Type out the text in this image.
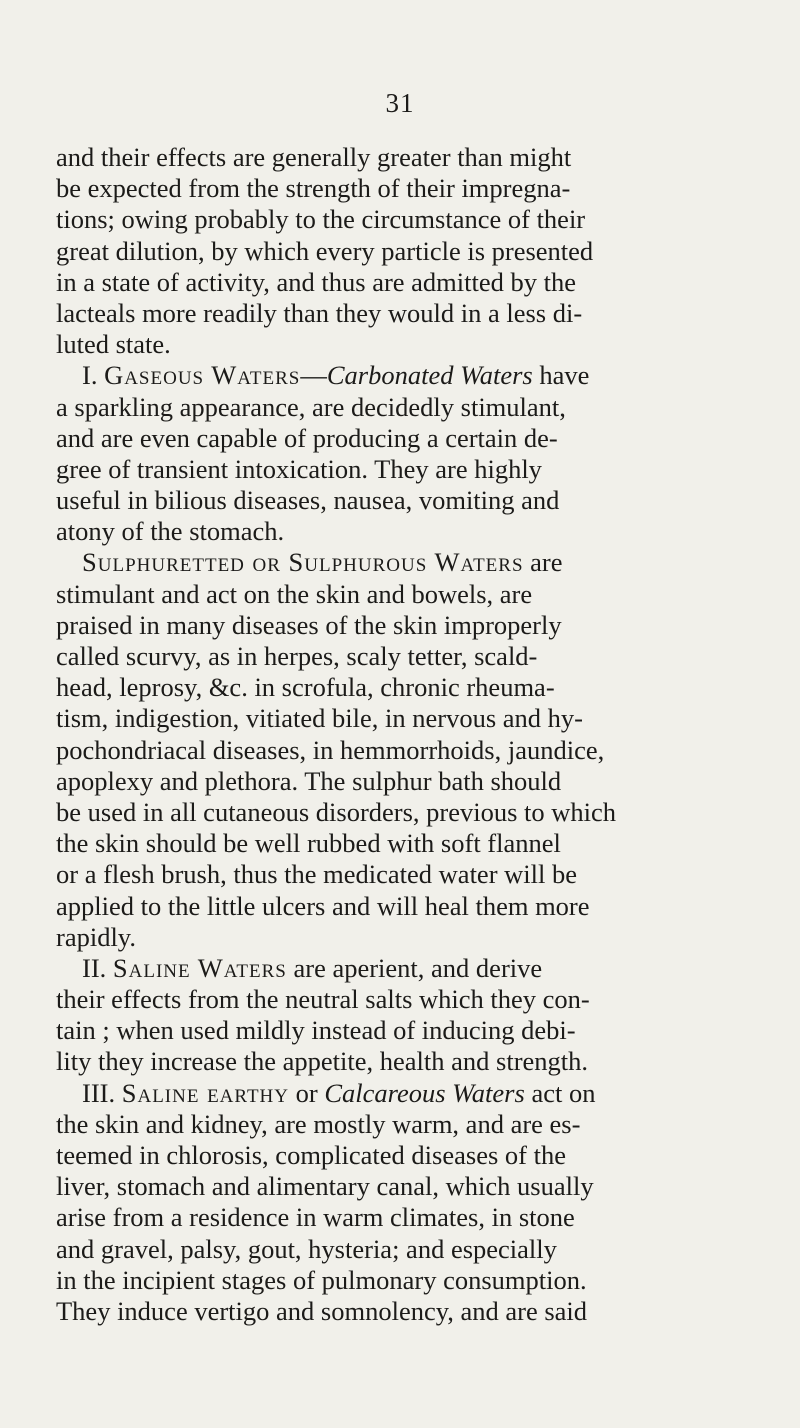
31
and their effects are generally greater than might
be expected from the strength of their impregna-
tions; owing probably to the circumstance of their
great dilution, by which every particle is presented
in a state of activity, and thus are admitted by the
lacteals more readily than they would in a less di-
luted state.
I. Gaseous Waters—Carbonated Waters have
a sparkling appearance, are decidedly stimulant,
and are even capable of producing a certain de-
gree of transient intoxication. They are highly
useful in bilious diseases, nausea, vomiting and
atony of the stomach.
Sulphuretted or Sulphurous Waters are
stimulant and act on the skin and bowels, are
praised in many diseases of the skin improperly
called scurvy, as in herpes, scaly tetter, scald-
head, leprosy, &c. in scrofula, chronic rheuma-
tism, indigestion, vitiated bile, in nervous and hy-
pochondriacal diseases, in hemmorrhoids, jaundice,
apoplexy and plethora. The sulphur bath should
be used in all cutaneous disorders, previous to which
the skin should be well rubbed with soft flannel
or a flesh brush, thus the medicated water will be
applied to the little ulcers and will heal them more
rapidly.
II. Saline Waters are aperient, and derive
their effects from the neutral salts which they con-
tain ; when used mildly instead of inducing debi-
lity they increase the appetite, health and strength.
III. Saline earthy or Calcareous Waters act on
the skin and kidney, are mostly warm, and are es-
teemed in chlorosis, complicated diseases of the
liver, stomach and alimentary canal, which usually
arise from a residence in warm climates, in stone
and gravel, palsy, gout, hysteria; and especially
in the incipient stages of pulmonary consumption.
They induce vertigo and somnolency, and are said
